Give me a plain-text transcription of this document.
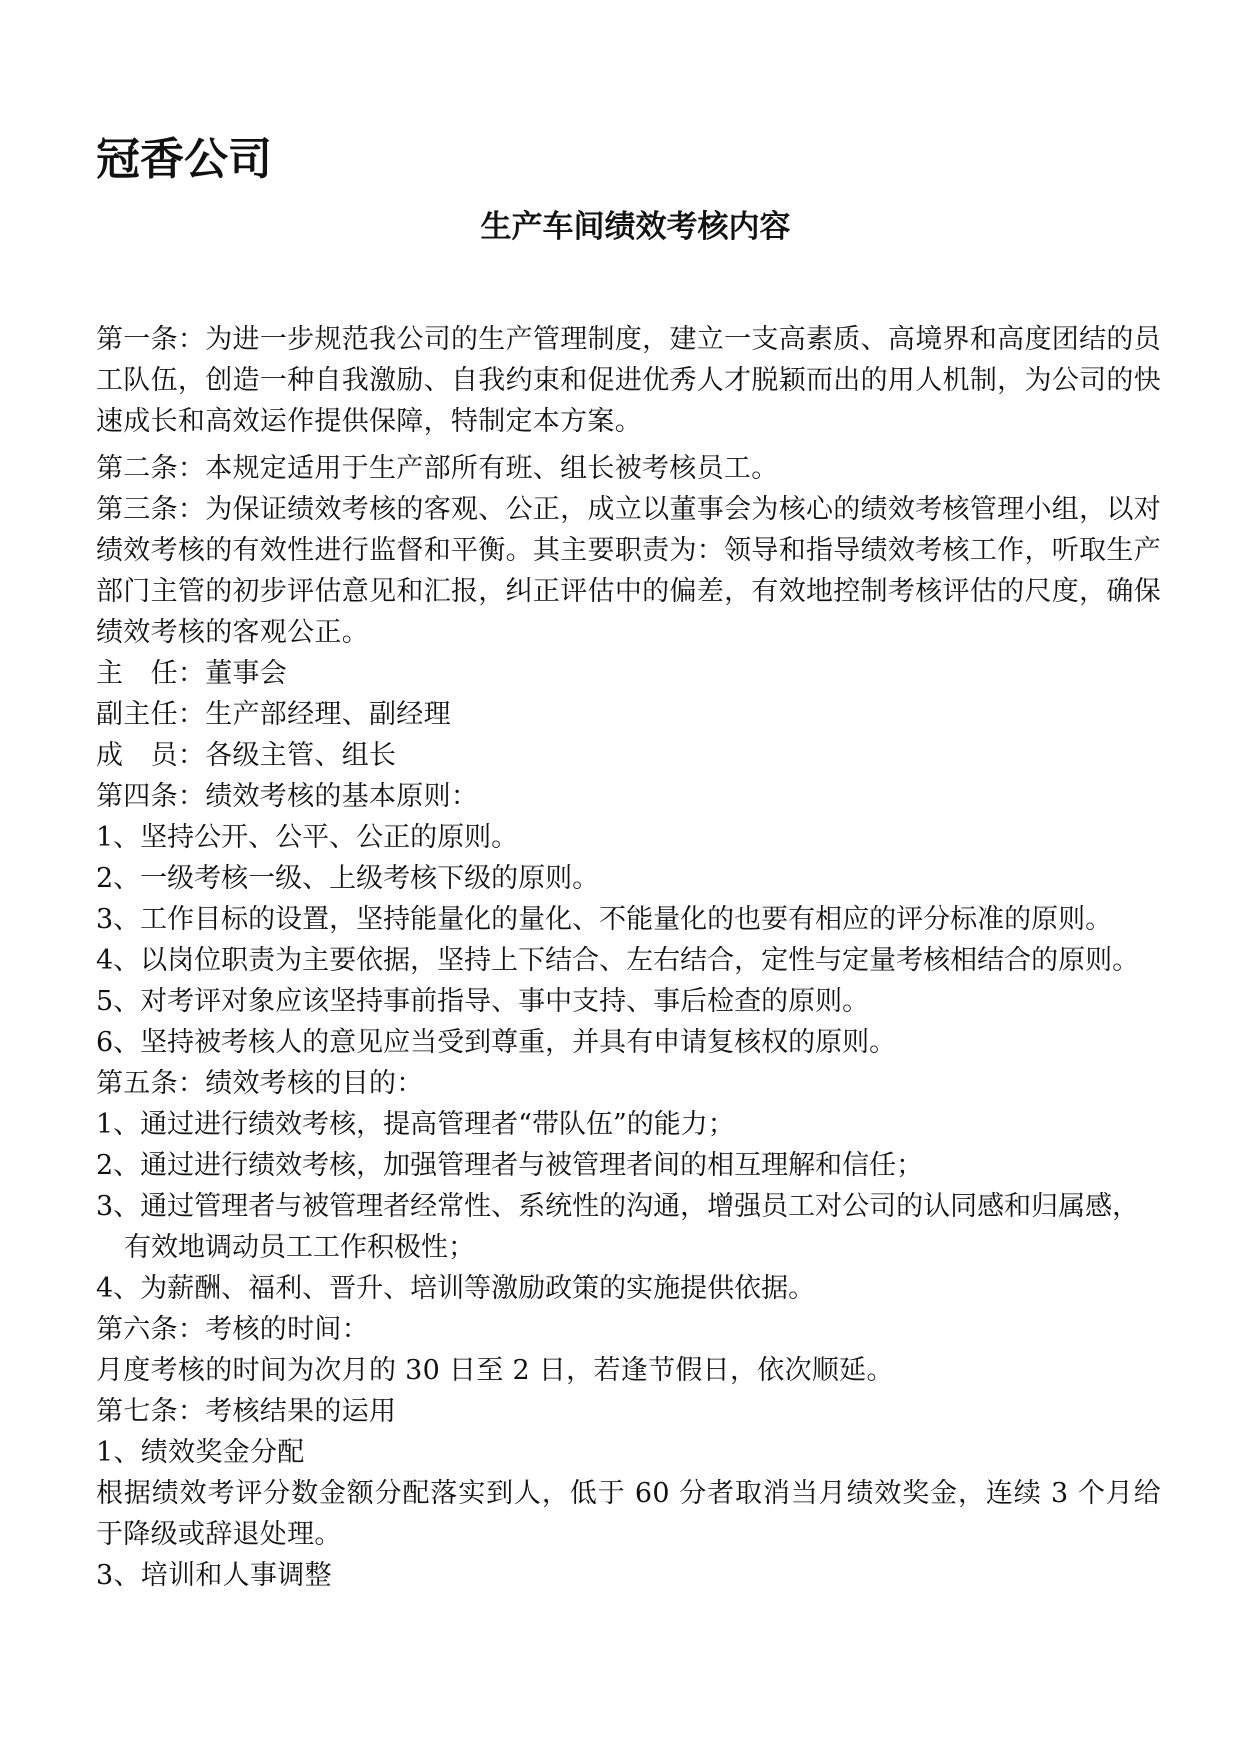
冠香公司
生产车间绩效考核内容

第一条：为进一步规范我公司的生产管理制度，建立一支高素质、高境界和高度团结的员工队伍，创造一种自我激励、自我约束和促进优秀人才脱颖而出的用人机制，为公司的快速成长和高效运作提供保障，特制定本方案。

第二条：本规定适用于生产部所有班、组长被考核员工。

第三条：为保证绩效考核的客观、公正，成立以董事会为核心的绩效考核管理小组，以对绩效考核的有效性进行监督和平衡。其主要职责为：领导和指导绩效考核工作，听取生产部门主管的初步评估意见和汇报，纠正评估中的偏差，有效地控制考核评估的尺度，确保绩效考核的客观公正。

主　任：董事会

副主任：生产部经理、副经理

成　员：各级主管、组长

第四条：绩效考核的基本原则：

1、坚持公开、公平、公正的原则。

2、一级考核一级、上级考核下级的原则。

3、工作目标的设置，坚持能量化的量化、不能量化的也要有相应的评分标准的原则。

4、以岗位职责为主要依据，坚持上下结合、左右结合，定性与定量考核相结合的原则。

5、对考评对象应该坚持事前指导、事中支持、事后检查的原则。

6、坚持被考核人的意见应当受到尊重，并具有申请复核权的原则。

第五条：绩效考核的目的：

1、通过进行绩效考核，提高管理者“带队伍”的能力；

2、通过进行绩效考核，加强管理者与被管理者间的相互理解和信任；

3、通过管理者与被管理者经常性、系统性的沟通，增强员工对公司的认同感和归属感，有效地调动员工工作积极性；

4、为薪酬、福利、晋升、培训等激励政策的实施提供依据。

第六条：考核的时间：

月度考核的时间为次月的 30 日至 2 日，若逢节假日，依次顺延。

第七条：考核结果的运用

1、绩效奖金分配

根据绩效考评分数金额分配落实到人，低于 60 分者取消当月绩效奖金，连续 3 个月给于降级或辞退处理。

3、培训和人事调整
